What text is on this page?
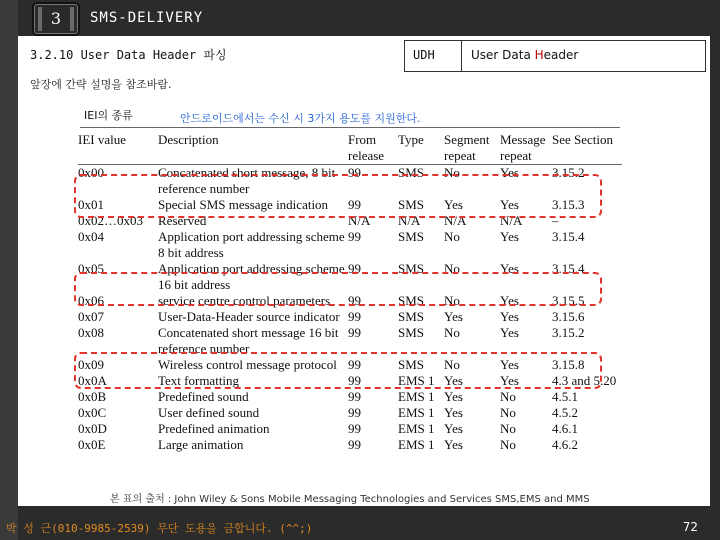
3	SMS-DELIVERY
3.2.10 User Data Header 파싱	UDH	User Data Header
앞장에 간략 설명을 참조바람.
IEI의 종류	안드로이드에서는 수신 시 3가지 용도를 지원한다.
IEI value	Description	From release	Type	Segment repeat	Message repeat	See Section
0x00	Concatenated short message, 8 bit reference number	99	SMS	No	Yes	3.15.2
0x01	Special SMS message indication	99	SMS	Yes	Yes	3.15.3
0x02…0x03	Reserved	N/A	N/A	N/A	N/A	–
0x04	Application port addressing scheme 8 bit address	99	SMS	No	Yes	3.15.4
0x05	Application port addressing scheme 16 bit address	99	SMS	No	Yes	3.15.4
0x06	service centre control parameters	99	SMS	No	Yes	3.15.5
0x07	User-Data-Header source indicator	99	SMS	Yes	Yes	3.15.6
0x08	Concatenated short message 16 bit reference number	99	SMS	No	Yes	3.15.2
0x09	Wireless control message protocol	99	SMS	No	Yes	3.15.8
0x0A	Text formatting	99	EMS 1	Yes	Yes	4.3 and 5.20
0x0B	Predefined sound	99	EMS 1	Yes	No	4.5.1
0x0C	User defined sound	99	EMS 1	Yes	No	4.5.2
0x0D	Predefined animation	99	EMS 1	Yes	No	4.6.1
0x0E	Large animation	99	EMS 1	Yes	No	4.6.2
본 표의 출처 : John Wiley & Sons Mobile Messaging Technologies and Services SMS,EMS and MMS
박 성 근(010-9985-2539) 무단 도용을 금합니다. (^^;)	72
